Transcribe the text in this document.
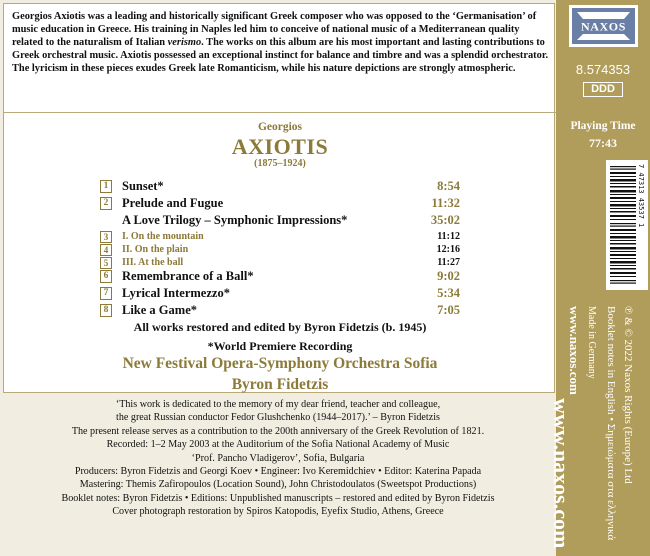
Georgios Axiotis was a leading and historically significant Greek composer who was opposed to the ‘Germanisation’ of music education in Greece. His training in Naples led him to conceive of national music of a Mediterranean quality related to the naturalism of Italian verismo. The works on this album are his most important and lasting contributions to Greek orchestral music. Axiotis possessed an exceptional instinct for balance and timbre and was a splendid orchestrator. The lyricism in these pieces exudes Greek late Romanticism, while his nature depictions are strongly atmospheric.

Georgios

AXIOTIS

(1875–1924)

1 Sunset*	8:54
2 Prelude and Fugue	11:32
A Love Trilogy – Symphonic Impressions*	35:02
3	I. On the mountain	11:12
4	II. On the plain	12:16
5	III. At the ball	11:27
6 Remembrance of a Ball*	9:02
7 Lyrical Intermezzo*	5:34
8 Like a Game*	7:05

All works restored and edited by Byron Fidetzis (b. 1945)

*World Premiere Recording

New Festival Opera-Symphony Orchestra Sofia

Byron Fidetzis

‘This work is dedicated to the memory of my dear friend, teacher and colleague,
the great Russian conductor Fedor Glushchenko (1944–2017).’ – Byron Fidetzis
The present release serves as a contribution to the 200th anniversary of the Greek Revolution of 1821.
Recorded: 1–2 May 2003 at the Auditorium of the Sofia National Academy of Music
‘Prof. Pancho Vladigerov’, Sofia, Bulgaria
Producers: Byron Fidetzis and Georgi Koev • Engineer: Ivo Keremidchiev • Editor: Katerina Papada
Mastering: Themis Zafiropoulos (Location Sound), John Christodoulatos (Sweetspot Productions)
Booklet notes: Byron Fidetzis • Editions: Unpublished manuscripts – restored and edited by Byron Fidetzis
Cover photograph restoration by Spiros Katopodis, Eyefix Studio, Athens, Greece
NAXOS
8.574353
DDD
Playing Time
77:43
7 47313 43537 1
℗ & © 2022 Naxos Rights (Europe) Ltd
Booklet notes in English • Σημειώματα στα ελληνικά
Made in Germany
www.naxos.com
www.naxos.com
